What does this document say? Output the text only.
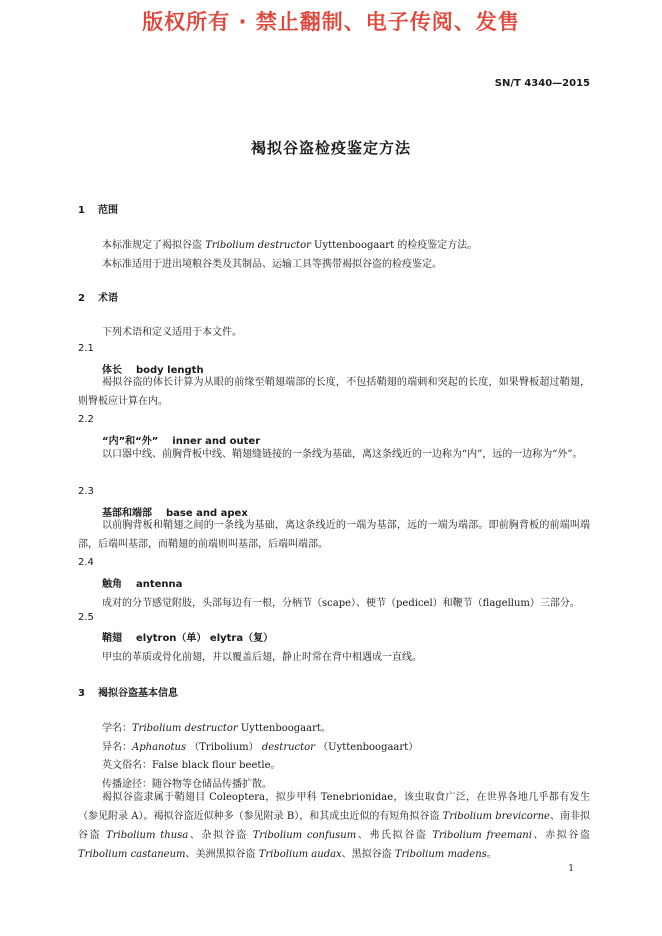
版权所有 · 禁止翻制、电子传阅、发售
SN/T 4340—2015
褐拟谷盗检疫鉴定方法
1 范围
本标准规定了褐拟谷盗 Tribolium destructor Uyttenboogaart 的检疫鉴定方法。
本标准适用于进出境粮谷类及其制品、运输工具等携带褐拟谷盗的检疫鉴定。
2 术语
下列术语和定义适用于本文件。
2.1
体长 body length
褐拟谷盗的体长计算为从眼的前缘至鞘翅端部的长度，不包括鞘翅的端刺和突起的长度，如果臀板超过鞘翅，则臀板应计算在内。
2.2
“内”和“外” inner and outer
以口器中线、前胸背板中线、鞘翅缝链接的一条线为基础，离这条线近的一边称为“内”，远的一边称为“外”。
2.3
基部和端部 base and apex
以前胸背板和鞘翅之间的一条线为基础，离这条线近的一端为基部，远的一端为端部。即前胸背板的前端叫端部，后端叫基部，而鞘翅的前端则叫基部，后端叫端部。
2.4
触角 antenna
成对的分节感觉附肢，头部每边有一根，分柄节（scape）、梗节（pedicel）和鞭节（flagellum）三部分。
2.5
鞘翅 elytron（单） elytra（复）
甲虫的革质或骨化前翅，并以覆盖后翅，静止时常在背中相遇成一直线。
3 褐拟谷盗基本信息
学名：Tribolium destructor Uyttenboogaart。
异名：Aphanotus （Tribolium） destructor （Uyttenboogaart）
英文俗名：False black flour beetle。
传播途径：随谷物等仓储品传播扩散。
褐拟谷盗隶属于鞘翅目 Coleoptera，拟步甲科 Tenebrionidae，该虫取食广泛，在世界各地几乎都有发生（参见附录 A）。褐拟谷盗近似种多（参见附录 B），和其成虫近似的有短角拟谷盗 Tribolium brevicorne、南非拟谷盗 Tribolium thusa、杂拟谷盗 Tribolium confusum、弗氏拟谷盗 Tribolium freemani、赤拟谷盗 Tribolium castaneum、美洲黑拟谷盗 Tribolium audax、黑拟谷盗 Tribolium madens。
1
